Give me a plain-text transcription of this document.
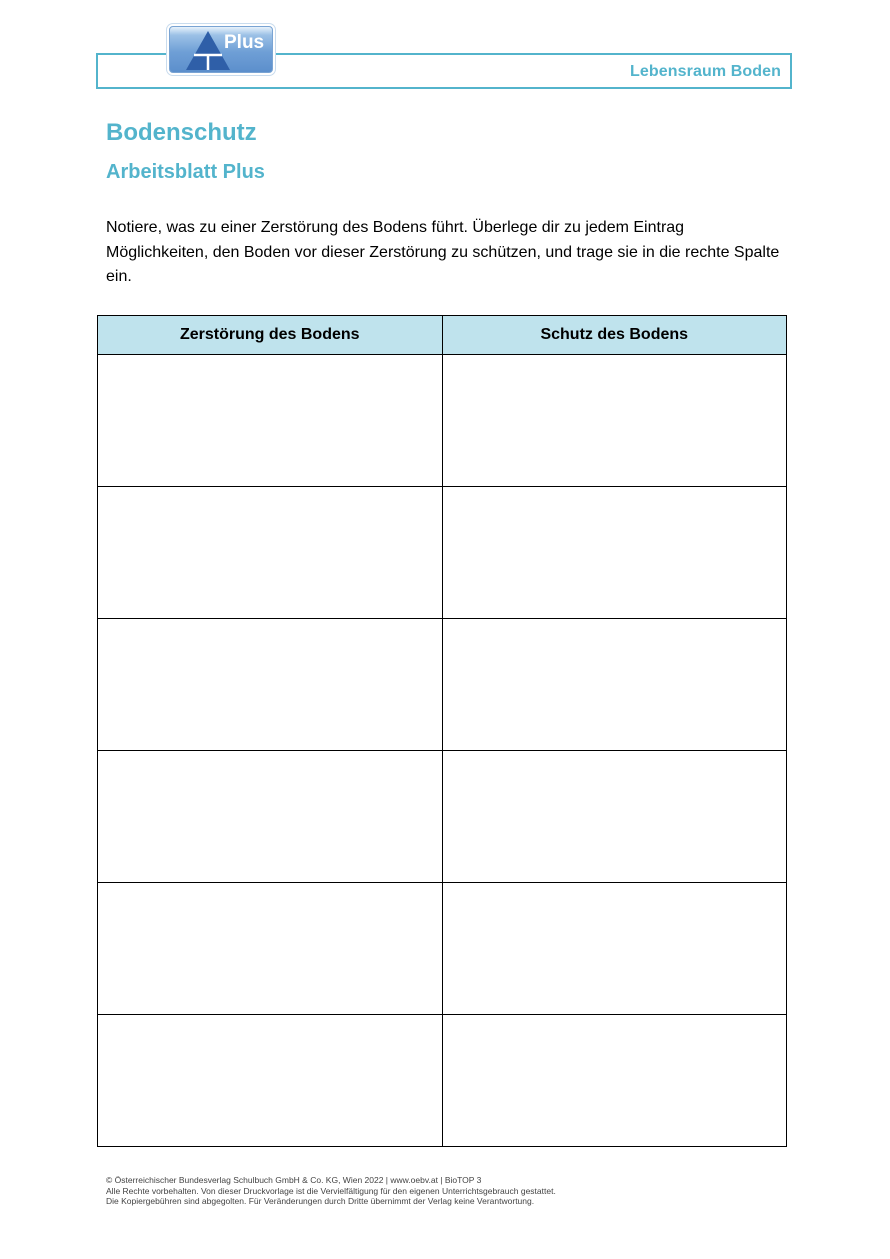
Lebensraum Boden
Plus
Bodenschutz
Arbeitsblatt Plus

Notiere, was zu einer Zerstörung des Bodens führt. Überlege dir zu jedem Eintrag Möglichkeiten, den Boden vor dieser Zerstörung zu schützen, und trage sie in die rechte Spalte ein.

Zerstörung des Bodens	Schutz des Bodens

© Österreichischer Bundesverlag Schulbuch GmbH & Co. KG, Wien 2022 | www.oebv.at | BioTOP 3
Alle Rechte vorbehalten. Von dieser Druckvorlage ist die Vervielfältigung für den eigenen Unterrichtsgebrauch gestattet.
Die Kopiergebühren sind abgegolten. Für Veränderungen durch Dritte übernimmt der Verlag keine Verantwortung.
